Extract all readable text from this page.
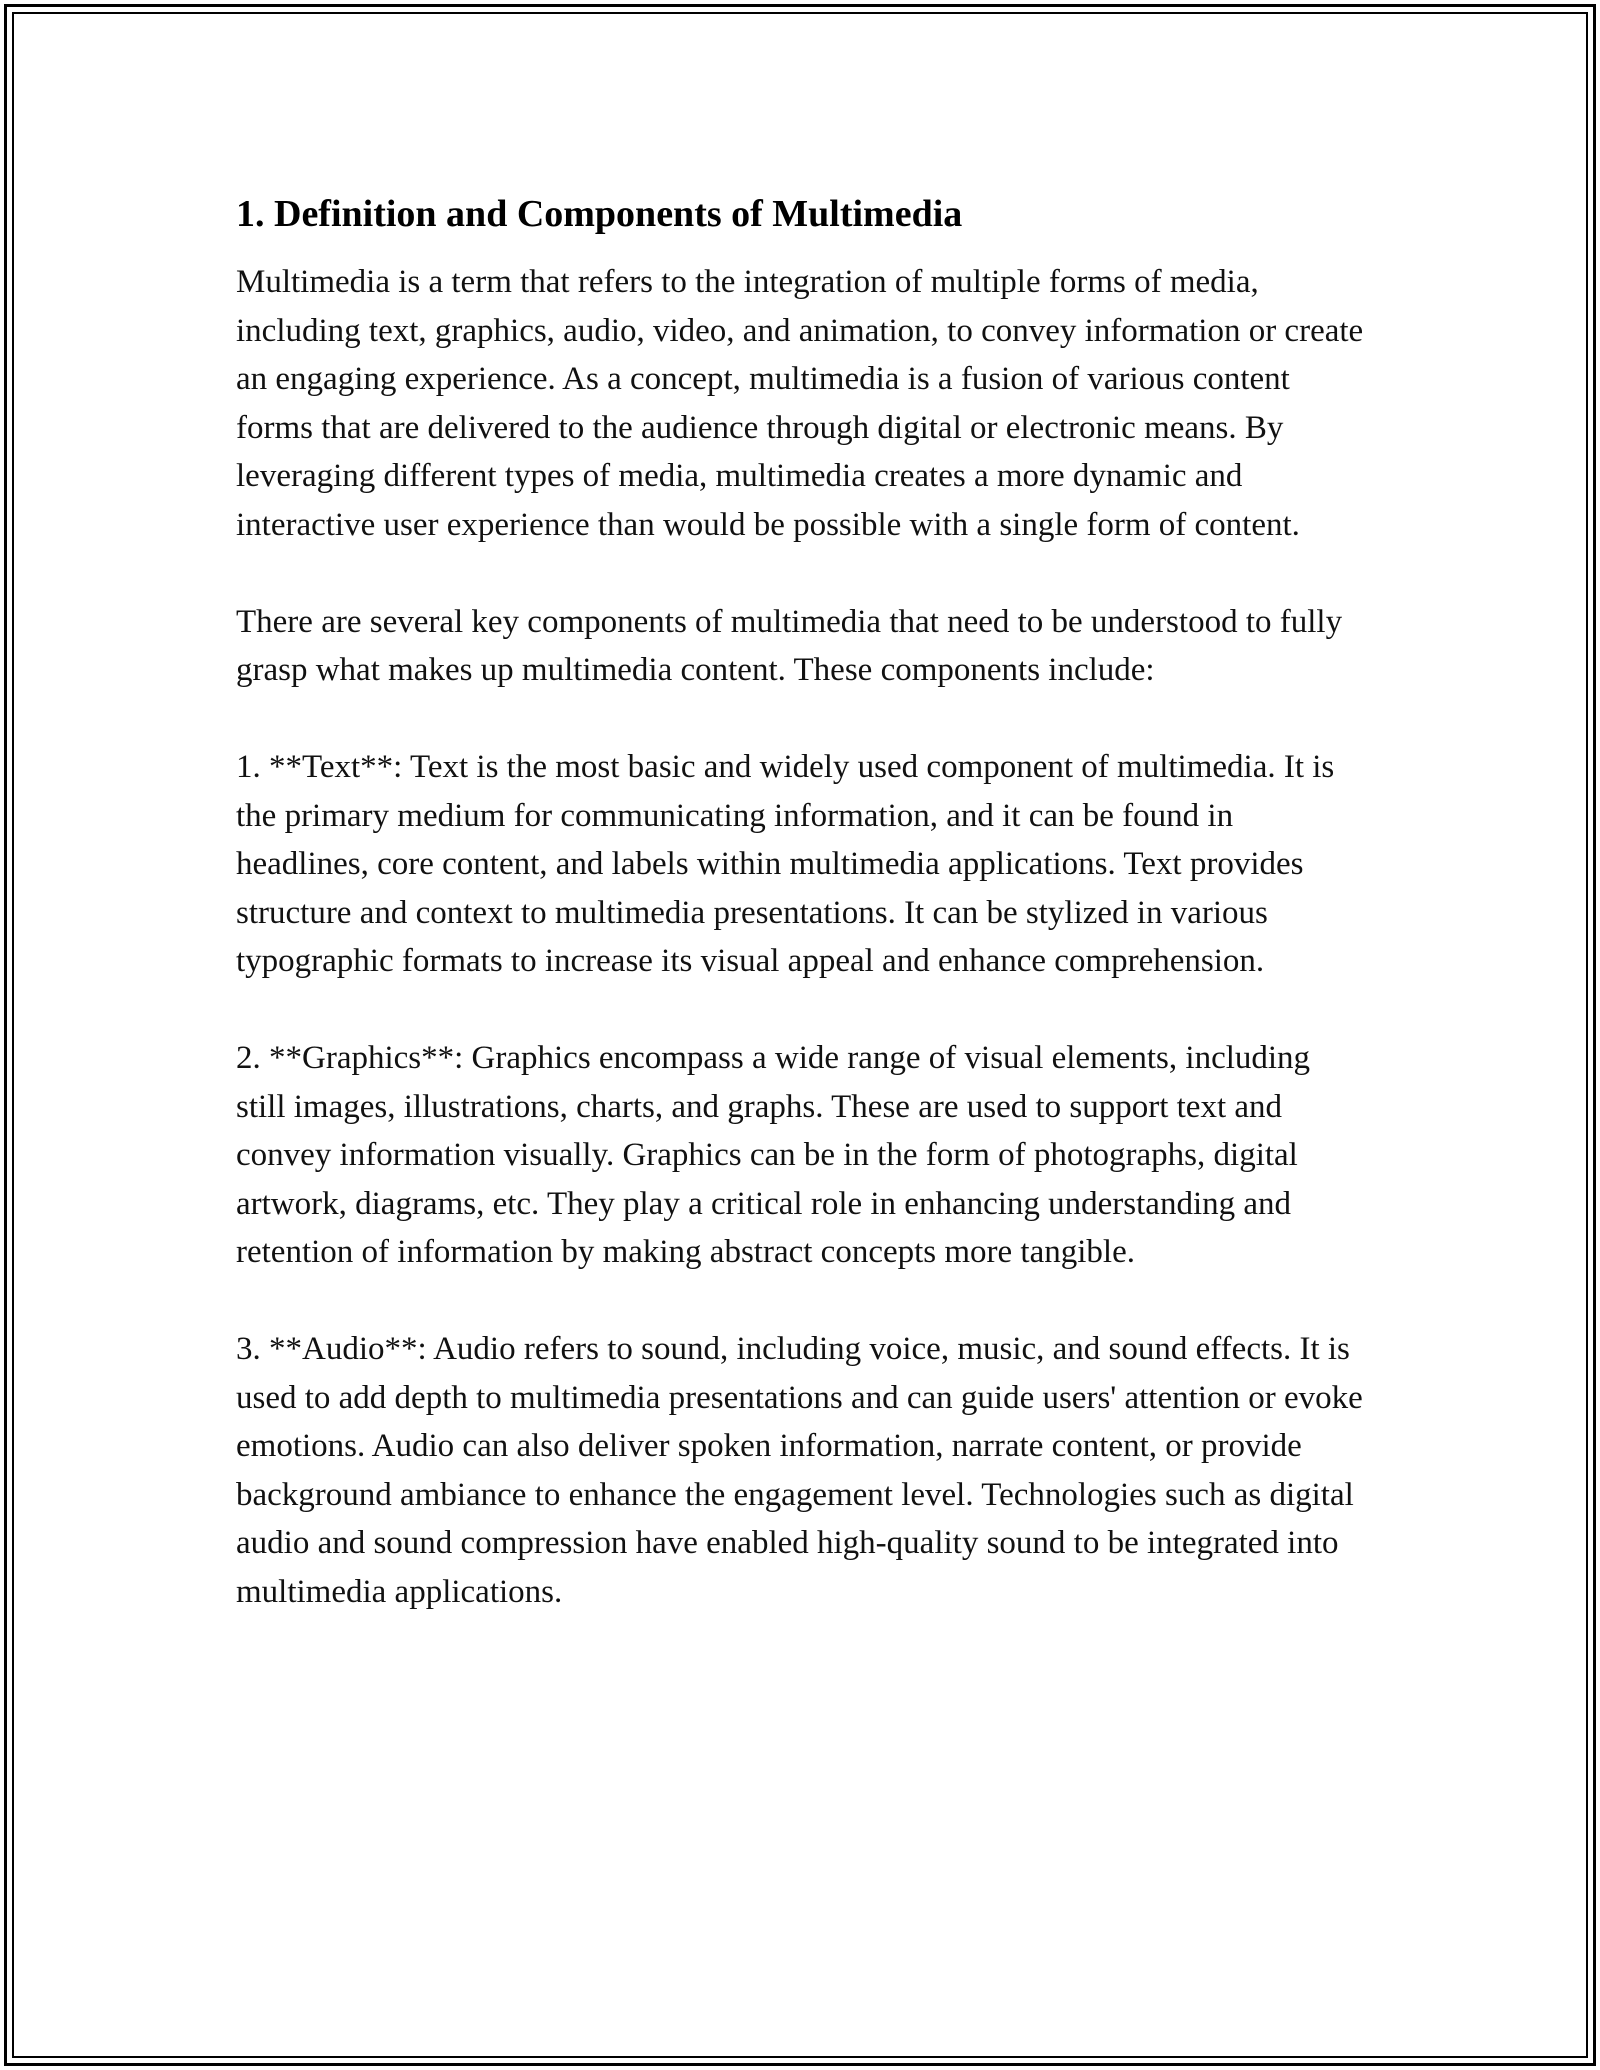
1. Definition and Components of Multimedia

Multimedia is a term that refers to the integration of multiple forms of media, including text, graphics, audio, video, and animation, to convey information or create an engaging experience. As a concept, multimedia is a fusion of various content forms that are delivered to the audience through digital or electronic means. By leveraging different types of media, multimedia creates a more dynamic and interactive user experience than would be possible with a single form of content.

There are several key components of multimedia that need to be understood to fully grasp what makes up multimedia content. These components include:

1. **Text**: Text is the most basic and widely used component of multimedia. It is the primary medium for communicating information, and it can be found in headlines, core content, and labels within multimedia applications. Text provides structure and context to multimedia presentations. It can be stylized in various typographic formats to increase its visual appeal and enhance comprehension.

2. **Graphics**: Graphics encompass a wide range of visual elements, including still images, illustrations, charts, and graphs. These are used to support text and convey information visually. Graphics can be in the form of photographs, digital artwork, diagrams, etc. They play a critical role in enhancing understanding and retention of information by making abstract concepts more tangible.

3. **Audio**: Audio refers to sound, including voice, music, and sound effects. It is used to add depth to multimedia presentations and can guide users' attention or evoke emotions. Audio can also deliver spoken information, narrate content, or provide background ambiance to enhance the engagement level. Technologies such as digital audio and sound compression have enabled high-quality sound to be integrated into multimedia applications.
